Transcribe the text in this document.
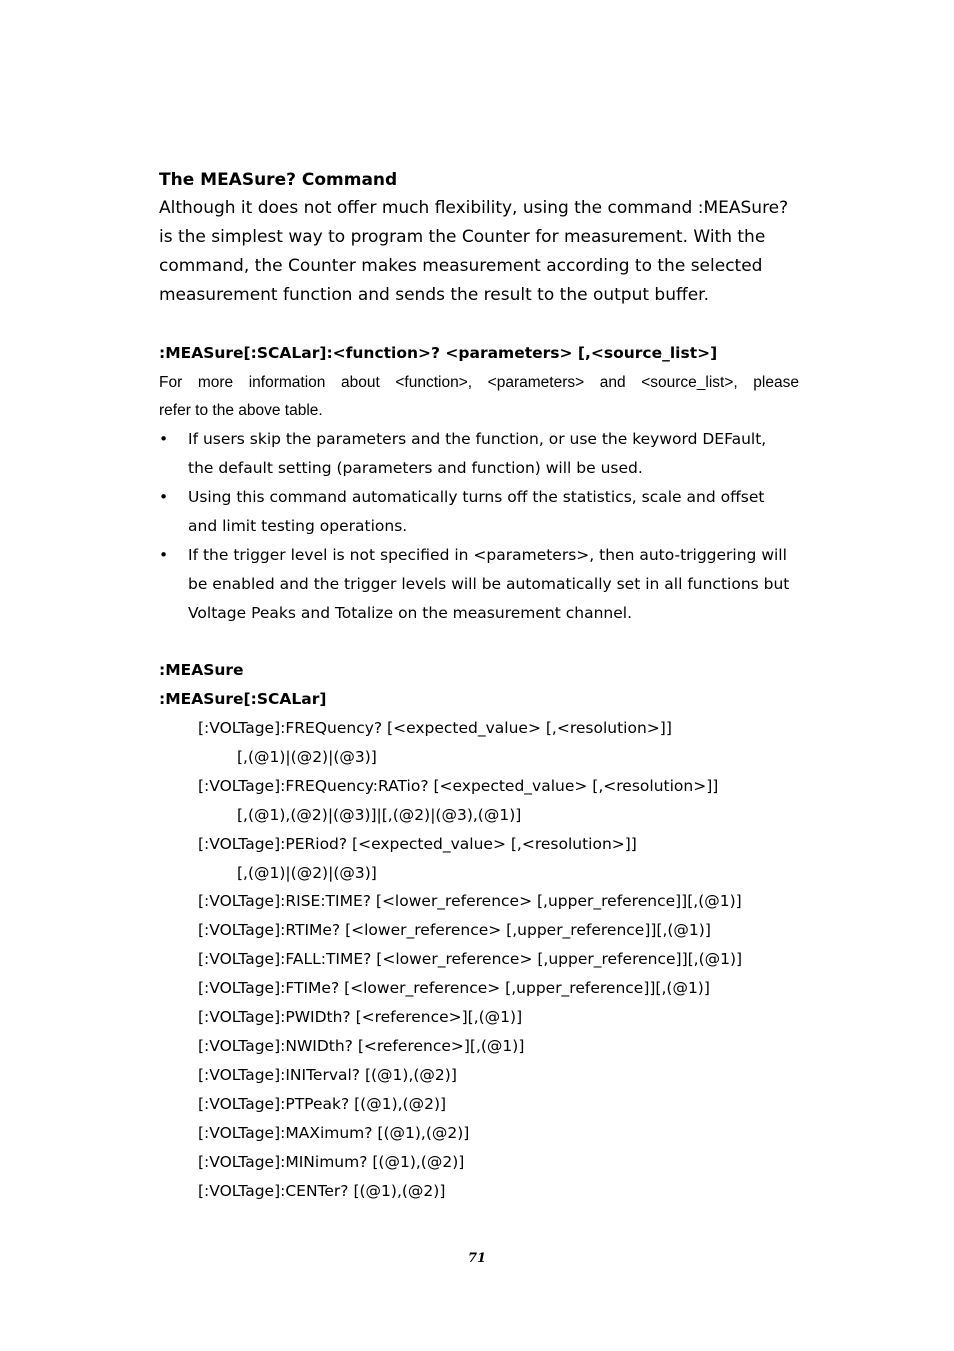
The MEASure? Command

Although it does not offer much flexibility, using the command :MEASure?
is the simplest way to program the Counter for measurement. With the
command, the Counter makes measurement according to the selected
measurement function and sends the result to the output buffer.

:MEASure[:SCALar]:<function>? <parameters> [,<source_list>]

For more information about <function>, <parameters> and <source_list>, please
refer to the above table.

• If users skip the parameters and the function, or use the keyword DEFault,
the default setting (parameters and function) will be used.
• Using this command automatically turns off the statistics, scale and offset
and limit testing operations.
• If the trigger level is not specified in <parameters>, then auto-triggering will
be enabled and the trigger levels will be automatically set in all functions but
Voltage Peaks and Totalize on the measurement channel.

:MEASure

:MEASure[:SCALar]

[:VOLTage]:FREQuency? [<expected_value> [,<resolution>]]
[,(@1)|(@2)|(@3)]
[:VOLTage]:FREQuency:RATio? [<expected_value> [,<resolution>]]
[,(@1),(@2)|(@3)]|[,(@2)|(@3),(@1)]
[:VOLTage]:PERiod? [<expected_value> [,<resolution>]]
[,(@1)|(@2)|(@3)]
[:VOLTage]:RISE:TIME? [<lower_reference> [,upper_reference]][,(@1)]
[:VOLTage]:RTIMe? [<lower_reference> [,upper_reference]][,(@1)]
[:VOLTage]:FALL:TIME? [<lower_reference> [,upper_reference]][,(@1)]
[:VOLTage]:FTIMe? [<lower_reference> [,upper_reference]][,(@1)]
[:VOLTage]:PWIDth? [<reference>][,(@1)]
[:VOLTage]:NWIDth? [<reference>][,(@1)]
[:VOLTage]:INITerval? [(@1),(@2)]
[:VOLTage]:PTPeak? [(@1),(@2)]
[:VOLTage]:MAXimum? [(@1),(@2)]
[:VOLTage]:MINimum? [(@1),(@2)]
[:VOLTage]:CENTer? [(@1),(@2)]
71
